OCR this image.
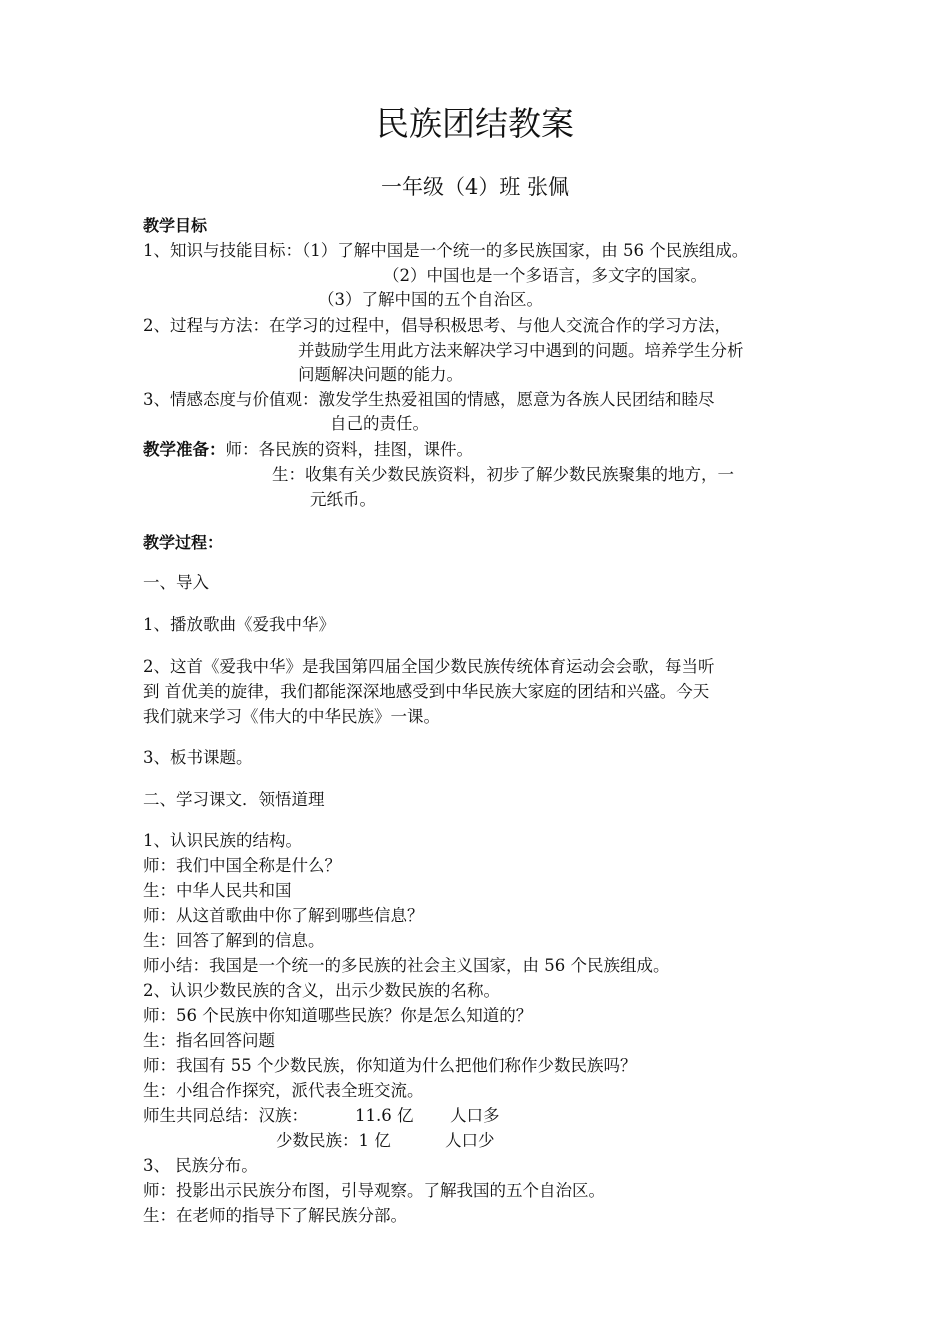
民族团结教案
一年级（4）班 张佩
教学目标
1、知识与技能目标：（1）了解中国是一个统一的多民族国家，由 56 个民族组成。
（2）中国也是一个多语言，多文字的国家。
（3）了解中国的五个自治区。
2、过程与方法：在学习的过程中，倡导积极思考、与他人交流合作的学习方法，
并鼓励学生用此方法来解决学习中遇到的问题。培养学生分析
问题解决问题的能力。
3、情感态度与价值观：激发学生热爱祖国的情感，愿意为各族人民团结和睦尽
自己的责任。
教学准备：师：各民族的资料，挂图，课件。
生：收集有关少数民族资料，初步了解少数民族聚集的地方，一
元纸币。
教学过程：
一、导入
1、播放歌曲《爱我中华》
2、这首《爱我中华》是我国第四届全国少数民族传统体育运动会会歌，每当听
到 首优美的旋律，我们都能深深地感受到中华民族大家庭的团结和兴盛。今天
我们就来学习《伟大的中华民族》一课。
3、板书课题。
二、学习课文．领悟道理
1、认识民族的结构。
师：我们中国全称是什么？
生：中华人民共和国
师：从这首歌曲中你了解到哪些信息？
生：回答了解到的信息。
师小结：我国是一个统一的多民族的社会主义国家，由 56 个民族组成。
2、认识少数民族的含义，出示少数民族的名称。
师：56 个民族中你知道哪些民族？你是怎么知道的？
生：指名回答问题
师：我国有 55 个少数民族，你知道为什么把他们称作少数民族吗？
生：小组合作探究，派代表全班交流。
师生共同总结：汉族：	11.6 亿 人口多
少数民族：1 亿	人口少
3、 民族分布。
师：投影出示民族分布图，引导观察。了解我国的五个自治区。
生：在老师的指导下了解民族分部。
